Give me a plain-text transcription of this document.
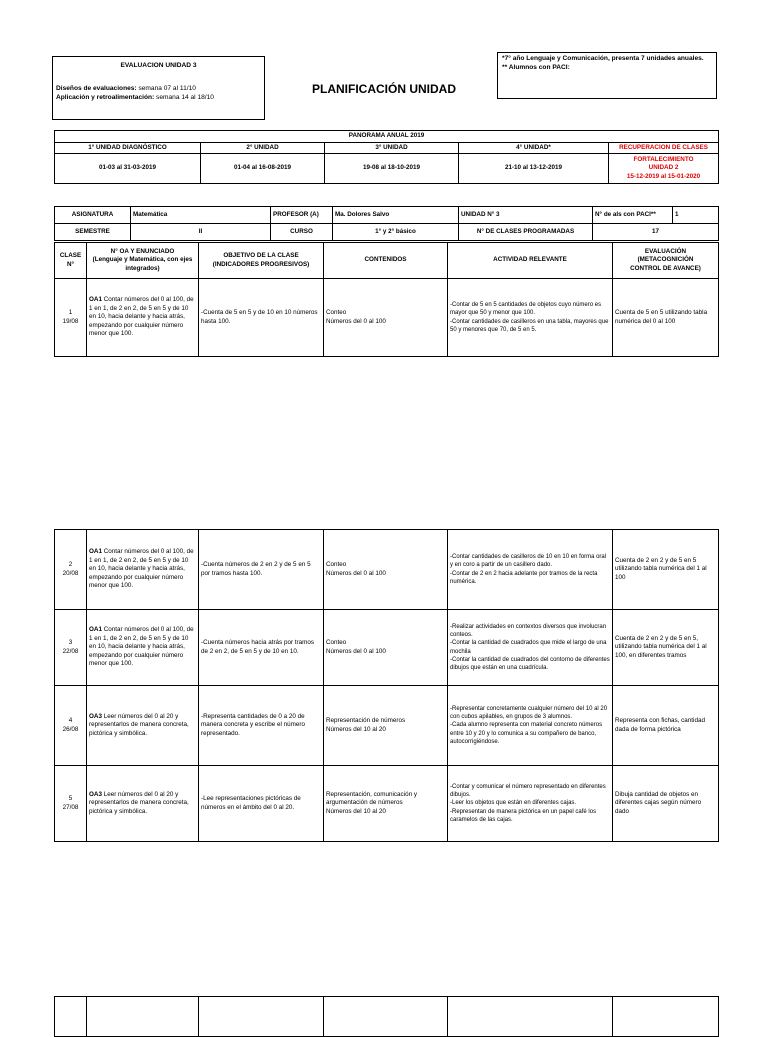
EVALUACION UNIDAD 3
Diseños de evaluaciones: semana 07 al 11/10
Aplicación y retroalimentación: semana 14 al 18/10
PLANIFICACIÓN UNIDAD
*7° año Lenguaje y Comunicación, presenta 7 unidades anuales.
** Alumnos con PACI:
PANORAMA ANUAL 2019				
1° UNIDAD DIAGNÓSTICO	2° UNIDAD	3° UNIDAD	4° UNIDAD*	RECUPERACION DE CLASES
01-03 al 31-03-2019	01-04 al 16-08-2019	19-08 al 18-10-2019	21-10 al 13-12-2019	FORTALECIMIENTO
UNIDAD 2
15-12-2019 al 15-01-2020
ASIGNATURA	Matemática	PROFESOR (A)	Ma. Dolores Salvo	UNIDAD N° 3	N° de als con PACI**	1
SEMESTRE	II	CURSO	1° y 2° básico	N° DE CLASES PROGRAMADAS	17	
CLASE
N°	N° OA Y ENUNCIADO
(Lenguaje y Matemática, con ejes integrados)	OBJETIVO DE LA CLASE
(INDICADORES PROGRESIVOS)	CONTENIDOS	ACTIVIDAD RELEVANTE	EVALUACIÓN
(METACOGNICIÓN
CONTROL DE AVANCE)
1
19/08	OA1 Contar números del 0 al 100, de 1 en 1, de 2 en 2, de 5 en 5 y de 10 en 10, hacia delante y hacia atrás, empezando por cualquier número menor que 100.	-Cuenta de 5 en 5 y de 10 en 10 números hasta 100.	Conteo
Números del 0 al 100	-Contar de 5 en 5 cantidades de objetos cuyo número es mayor que 50 y menor que 100.
-Contar cantidades de casilleros en una tabla, mayores que 50 y menores que 70, de 5 en 5.	Cuenta de 5 en 5 utilizando tabla numérica del 0 al 100
2
20/08	OA1 Contar números del 0 al 100, de 1 en 1, de 2 en 2, de 5 en 5 y de 10 en 10, hacia delante y hacia atrás, empezando por cualquier número menor que 100.	-Cuenta números de 2 en 2 y de 5 en 5 por tramos hasta 100.	Conteo
Números del 0 al 100	-Contar cantidades de casilleros de 10 en 10 en forma oral y en coro a partir de un casillero dado.
-Contar de 2 en 2 hacia adelante por tramos de la recta numérica.	Cuenta de 2 en 2 y de 5 en 5 utilizando tabla numérica del 1 al 100
3
22/08	OA1 Contar números del 0 al 100, de 1 en 1, de 2 en 2, de 5 en 5 y de 10 en 10, hacia delante y hacia atrás, empezando por cualquier número menor que 100.	-Cuenta números hacia atrás por tramos de 2 en 2, de 5 en 5 y de 10 en 10.	Conteo
Números del 0 al 100	-Realizar actividades en contextos diversos que involucran conteos.
-Contar la cantidad de cuadrados que mide el largo de una mochila
-Contar la cantidad de cuadrados del contorno de diferentes dibujos que están en una cuadrícula.	Cuenta de 2 en 2 y de 5 en 5, utilizando tabla numérica del 1 al 100, en diferentes tramos
4
26/08	OA3 Leer números del 0 al 20 y representarlos de manera concreta, pictórica y simbólica.	-Representa cantidades de 0 a 20 de manera concreta y escribe el número representado.	Representación de números
Números del 10 al 20	-Representar concretamente cualquier número del 10 al 20 con cubos apilables, en grupos de 3 alumnos.
-Cada alumno representa con material concreto números entre 10 y 20 y lo comunica a su compañero de banco, autocorrigiéndose.	Representa con fichas, cantidad dada de forma pictórica
5
27/08	OA3 Leer números del 0 al 20 y representarlos de manera concreta, pictórica y simbólica.	-Lee representaciones pictóricas de números en el ámbito del 0 al 20.	Representación, comunicación y argumentación de números
Números del 10 al 20	-Contar y comunicar el número representado en diferentes dibujos.
-Leer los objetos que están en diferentes cajas.
-Representan de manera pictórica en un papel café los caramelos de las cajas.	Dibuja cantidad de objetos en diferentes cajas según número dado
